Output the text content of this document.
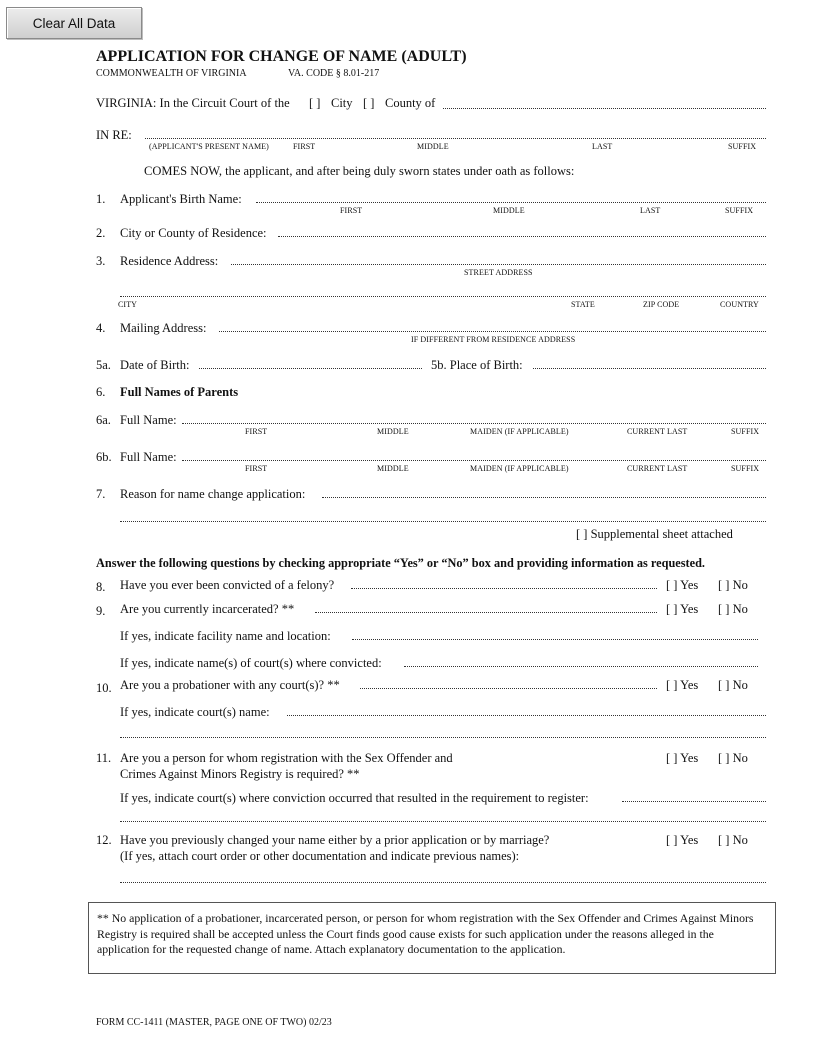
Clear All Data
APPLICATION FOR CHANGE OF NAME (ADULT)
COMMONWEALTH OF VIRGINIA	VA. CODE § 8.01-217
VIRGINIA: In the Circuit Court of the [ ] City [ ] County of
IN RE:
(APPLICANT'S PRESENT NAME)	FIRST	MIDDLE	LAST	SUFFIX
COMES NOW, the applicant, and after being duly sworn states under oath as follows:
1. Applicant's Birth Name:
FIRST	MIDDLE	LAST	SUFFIX
2. City or County of Residence:
3. Residence Address:
STREET ADDRESS
CITY	STATE	ZIP CODE	COUNTRY
4. Mailing Address:
IF DIFFERENT FROM RESIDENCE ADDRESS
5a. Date of Birth:	5b. Place of Birth:
6. Full Names of Parents
6a. Full Name:
FIRST	MIDDLE	MAIDEN (IF APPLICABLE)	CURRENT LAST	SUFFIX
6b. Full Name:
FIRST	MIDDLE	MAIDEN (IF APPLICABLE)	CURRENT LAST	SUFFIX
7. Reason for name change application:
[ ] Supplemental sheet attached
Answer the following questions by checking appropriate “Yes” or “No” box and providing information as requested.
8. Have you ever been convicted of a felony?	[ ] Yes [ ] No
9. Are you currently incarcerated? **	[ ] Yes [ ] No
If yes, indicate facility name and location:
If yes, indicate name(s) of court(s) where convicted:
10. Are you a probationer with any court(s)? **	[ ] Yes [ ] No
If yes, indicate court(s) name:
11. Are you a person for whom registration with the Sex Offender and
Crimes Against Minors Registry is required? **
[ ] Yes [ ] No
If yes, indicate court(s) where conviction occurred that resulted in the requirement to register:
12. Have you previously changed your name either by a prior application or by marriage?
(If yes, attach court order or other documentation and indicate previous names):
[ ] Yes [ ] No
** No application of a probationer, incarcerated person, or person for whom registration with the Sex Offender and Crimes Against Minors Registry is required shall be accepted unless the Court finds good cause exists for such application under the reasons alleged in the application for the requested change of name. Attach explanatory documentation to the application.
FORM CC-1411 (MASTER, PAGE ONE OF TWO) 02/23
